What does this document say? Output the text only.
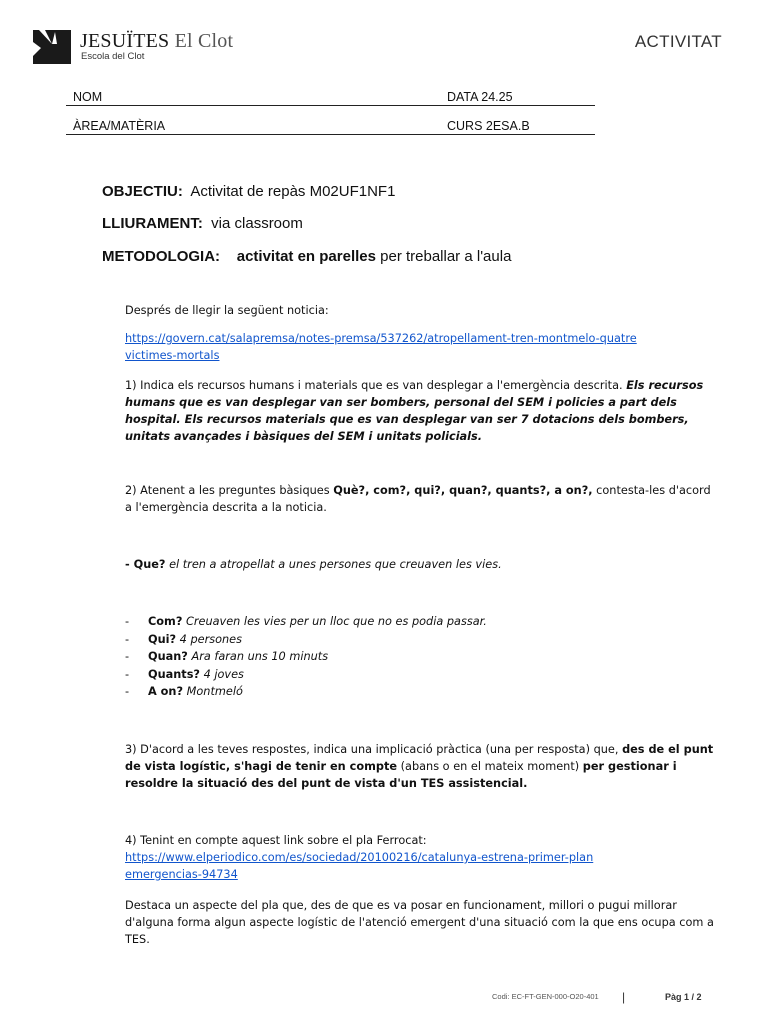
JESUÏTES El Clot
Escola del Clot
ACTIVITAT
NOM	DATA 24.25
ÀREA/MATÈRIA	CURS 2ESA.B
OBJECTIU: Activitat de repàs M02UF1NF1
LLIURAMENT: via classroom
METODOLOGIA: activitat en parelles per treballar a l'aula
Després de llegir la següent noticia:
https://govern.cat/salapremsa/notes-premsa/537262/atropellament-tren-montmelo-quatre
victimes-mortals
1) Indica els recursos humans i materials que es van desplegar a l'emergència descrita. Els recursos humans que es van desplegar van ser bombers, personal del SEM i policies a part dels hospital. Els recursos materials que es van desplegar van ser 7 dotacions dels bombers, unitats avançades i bàsiques del SEM i unitats policials.
2) Atenent a les preguntes bàsiques Què?, com?, qui?, quan?, quants?, a on?, contesta-les d'acord a l'emergència descrita a la noticia.
- Que? el tren a atropellat a unes persones que creuaven les vies.
- Com? Creuaven les vies per un lloc que no es podia passar.
- Qui? 4 persones
- Quan? Ara faran uns 10 minuts
- Quants? 4 joves
- A on? Montmeló
3) D'acord a les teves respostes, indica una implicació pràctica (una per resposta) que, des de el punt de vista logístic, s'hagi de tenir en compte (abans o en el mateix moment) per gestionar i resoldre la situació des del punt de vista d'un TES assistencial.
4) Tenint en compte aquest link sobre el pla Ferrocat:
https://www.elperiodico.com/es/sociedad/20100216/catalunya-estrena-primer-plan
emergencias-94734
Destaca un aspecte del pla que, des de que es va posar en funcionament, millori o pugui millorar d'alguna forma algun aspecte logístic de l'atenció emergent d'una situació com la que ens ocupa com a TES.
Codi: EC-FT-GEN-000-O20-401 |	Pàg 1 / 2
